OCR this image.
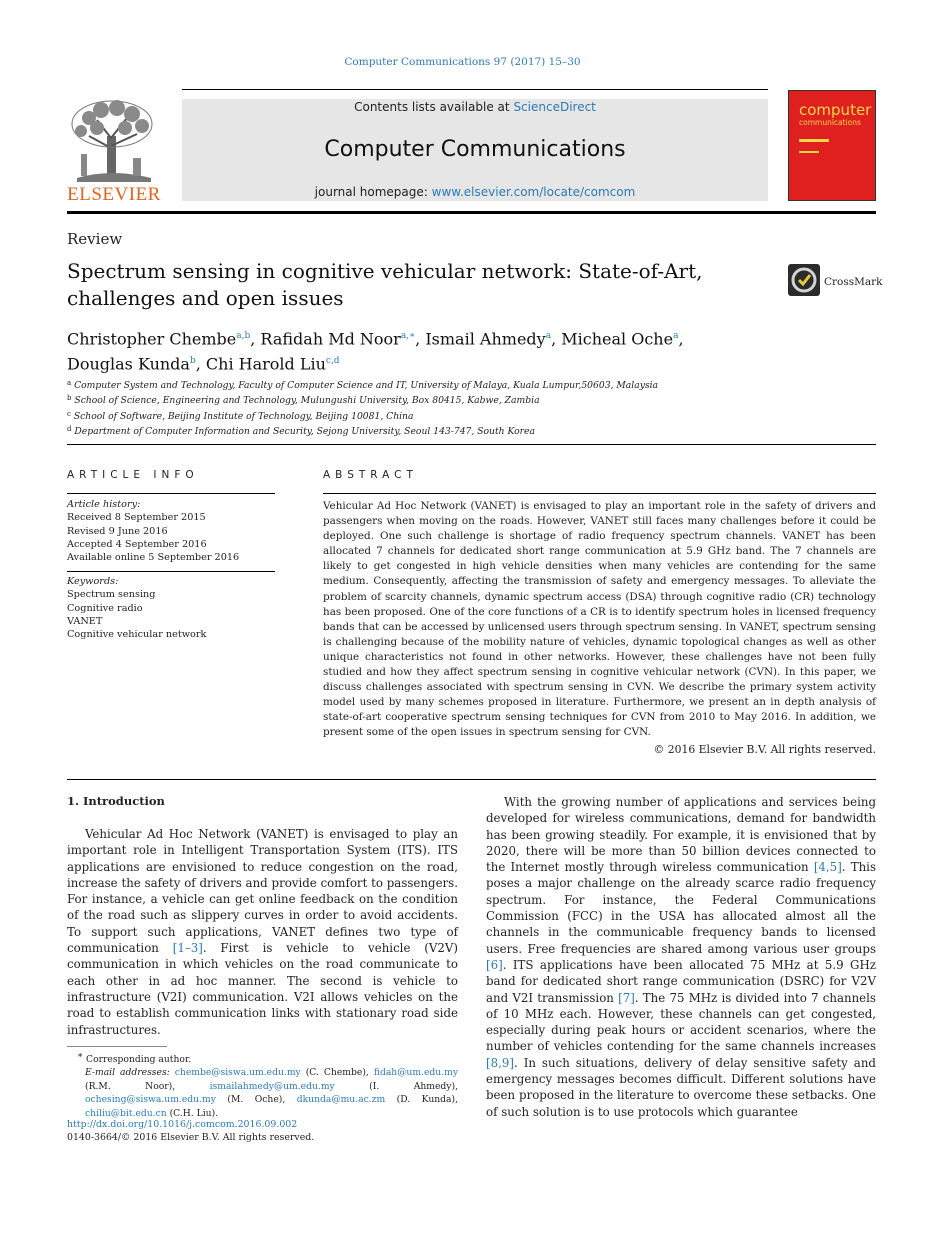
Computer Communications 97 (2017) 15–30
ELSEVIER
Contents lists available at ScienceDirect
Computer Communications
journal homepage: www.elsevier.com/locate/comcom
computer
communications
Review
Spectrum sensing in cognitive vehicular network: State-of-Art, challenges and open issues
CrossMark
Christopher Chembe$^{a,b}$, Rafidah Md Noor$^{a,∗}$, Ismail Ahmedy$^a$, Micheal Oche$^a$,
Douglas Kunda$^b$, Chi Harold Liu$^{c,d}$
$^a$ Computer System and Technology, Faculty of Computer Science and IT, University of Malaya, Kuala Lumpur,50603, Malaysia
$^b$ School of Science, Engineering and Technology, Mulungushi University, Box 80415, Kabwe, Zambia
$^c$ School of Software, Beijing Institute of Technology, Beijing 10081, China
$^d$ Department of Computer Information and Security, Sejong University, Seoul 143-747, South Korea
ARTICLE INFO
Article history:
Received 8 September 2015
Revised 9 June 2016
Accepted 4 September 2016
Available online 5 September 2016
Keywords:
Spectrum sensing
Cognitive radio
VANET
Cognitive vehicular network
ABSTRACT
Vehicular Ad Hoc Network (VANET) is envisaged to play an important role in the safety of drivers and passengers when moving on the roads. However, VANET still faces many challenges before it could be deployed. One such challenge is shortage of radio frequency spectrum channels. VANET has been allocated 7 channels for dedicated short range communication at 5.9 GHz band. The 7 channels are likely to get congested in high vehicle densities when many vehicles are contending for the same medium. Consequently, affecting the transmission of safety and emergency messages. To alleviate the problem of scarcity channels, dynamic spectrum access (DSA) through cognitive radio (CR) technology has been proposed. One of the core functions of a CR is to identify spectrum holes in licensed frequency bands that can be accessed by unlicensed users through spectrum sensing. In VANET, spectrum sensing is challenging because of the mobility nature of vehicles, dynamic topological changes as well as other unique characteristics not found in other networks. However, these challenges have not been fully studied and how they affect spectrum sensing in cognitive vehicular network (CVN). In this paper, we discuss challenges associated with spectrum sensing in CVN. We describe the primary system activity model used by many schemes proposed in literature. Furthermore, we present an in depth analysis of state-of-art cooperative spectrum sensing techniques for CVN from 2010 to May 2016. In addition, we present some of the open issues in spectrum sensing for CVN.
© 2016 Elsevier B.V. All rights reserved.
1. Introduction
Vehicular Ad Hoc Network (VANET) is envisaged to play an important role in Intelligent Transportation System (ITS). ITS applications are envisioned to reduce congestion on the road, increase the safety of drivers and provide comfort to passengers. For instance, a vehicle can get online feedback on the condition of the road such as slippery curves in order to avoid accidents. To support such applications, VANET defines two type of communication [1–3]. First is vehicle to vehicle (V2V) communication in which vehicles on the road communicate to each other in ad hoc manner. The second is vehicle to infrastructure (V2I) communication. V2I allows vehicles on the road to establish communication links with stationary road side infrastructures.
With the growing number of applications and services being developed for wireless communications, demand for bandwidth has been growing steadily. For example, it is envisioned that by 2020, there will be more than 50 billion devices connected to the Internet mostly through wireless communication [4,5]. This poses a major challenge on the already scarce radio frequency spectrum. For instance, the Federal Communications Commission (FCC) in the USA has allocated almost all the channels in the communicable frequency bands to licensed users. Free frequencies are shared among various user groups [6]. ITS applications have been allocated 75 MHz at 5.9 GHz band for dedicated short range communication (DSRC) for V2V and V2I transmission [7]. The 75 MHz is divided into 7 channels of 10 MHz each. However, these channels can get congested, especially during peak hours or accident scenarios, where the number of vehicles contending for the same channels increases [8,9]. In such situations, delivery of delay sensitive safety and emergency messages becomes difficult. Different solutions have been proposed in the literature to overcome these setbacks. One of such solution is to use protocols which guarantee
∗ Corresponding author.
E-mail addresses: chembe@siswa.um.edu.my (C. Chembe), fidah@um.edu.my (R.M. Noor),	ismailahmedy@um.edu.my	(I. Ahmedy), ochesing@siswa.um.edu.my (M. Oche), dkunda@mu.ac.zm (D. Kunda), chiliu@bit.edu.cn (C.H. Liu).
http://dx.doi.org/10.1016/j.comcom.2016.09.002
0140-3664/© 2016 Elsevier B.V. All rights reserved.
